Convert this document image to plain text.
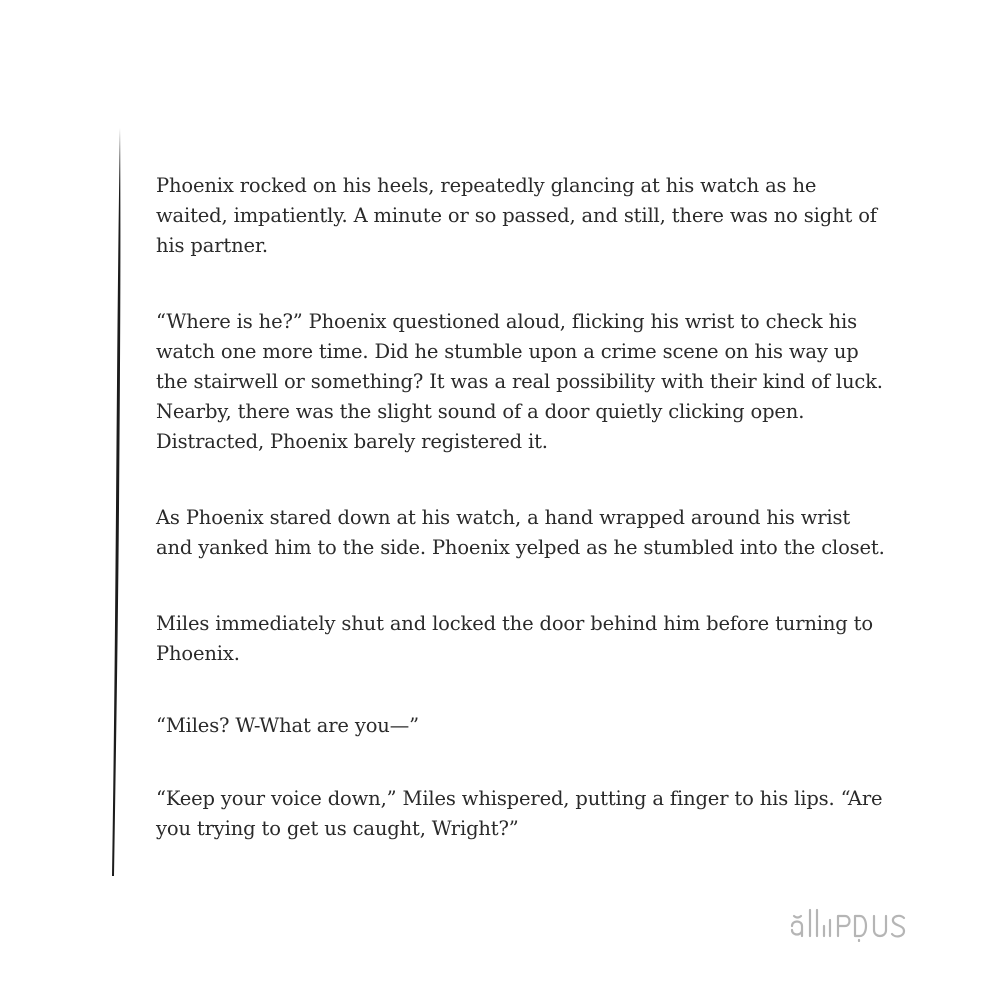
Phoenix rocked on his heels, repeatedly glancing at his watch as he waited, impatiently. A minute or so passed, and still, there was no sight of his partner.

“Where is he?” Phoenix questioned aloud, flicking his wrist to check his watch one more time. Did he stumble upon a crime scene on his way up the stairwell or something? It was a real possibility with their kind of luck. Nearby, there was the slight sound of a door quietly clicking open. Distracted, Phoenix barely registered it.

As Phoenix stared down at his watch, a hand wrapped around his wrist and yanked him to the side. Phoenix yelped as he stumbled into the closet.

Miles immediately shut and locked the door behind him before turning to Phoenix.

“Miles? W-What are you—”

“Keep your voice down,” Miles whispered, putting a finger to his lips. “Are you trying to get us caught, Wright?”
